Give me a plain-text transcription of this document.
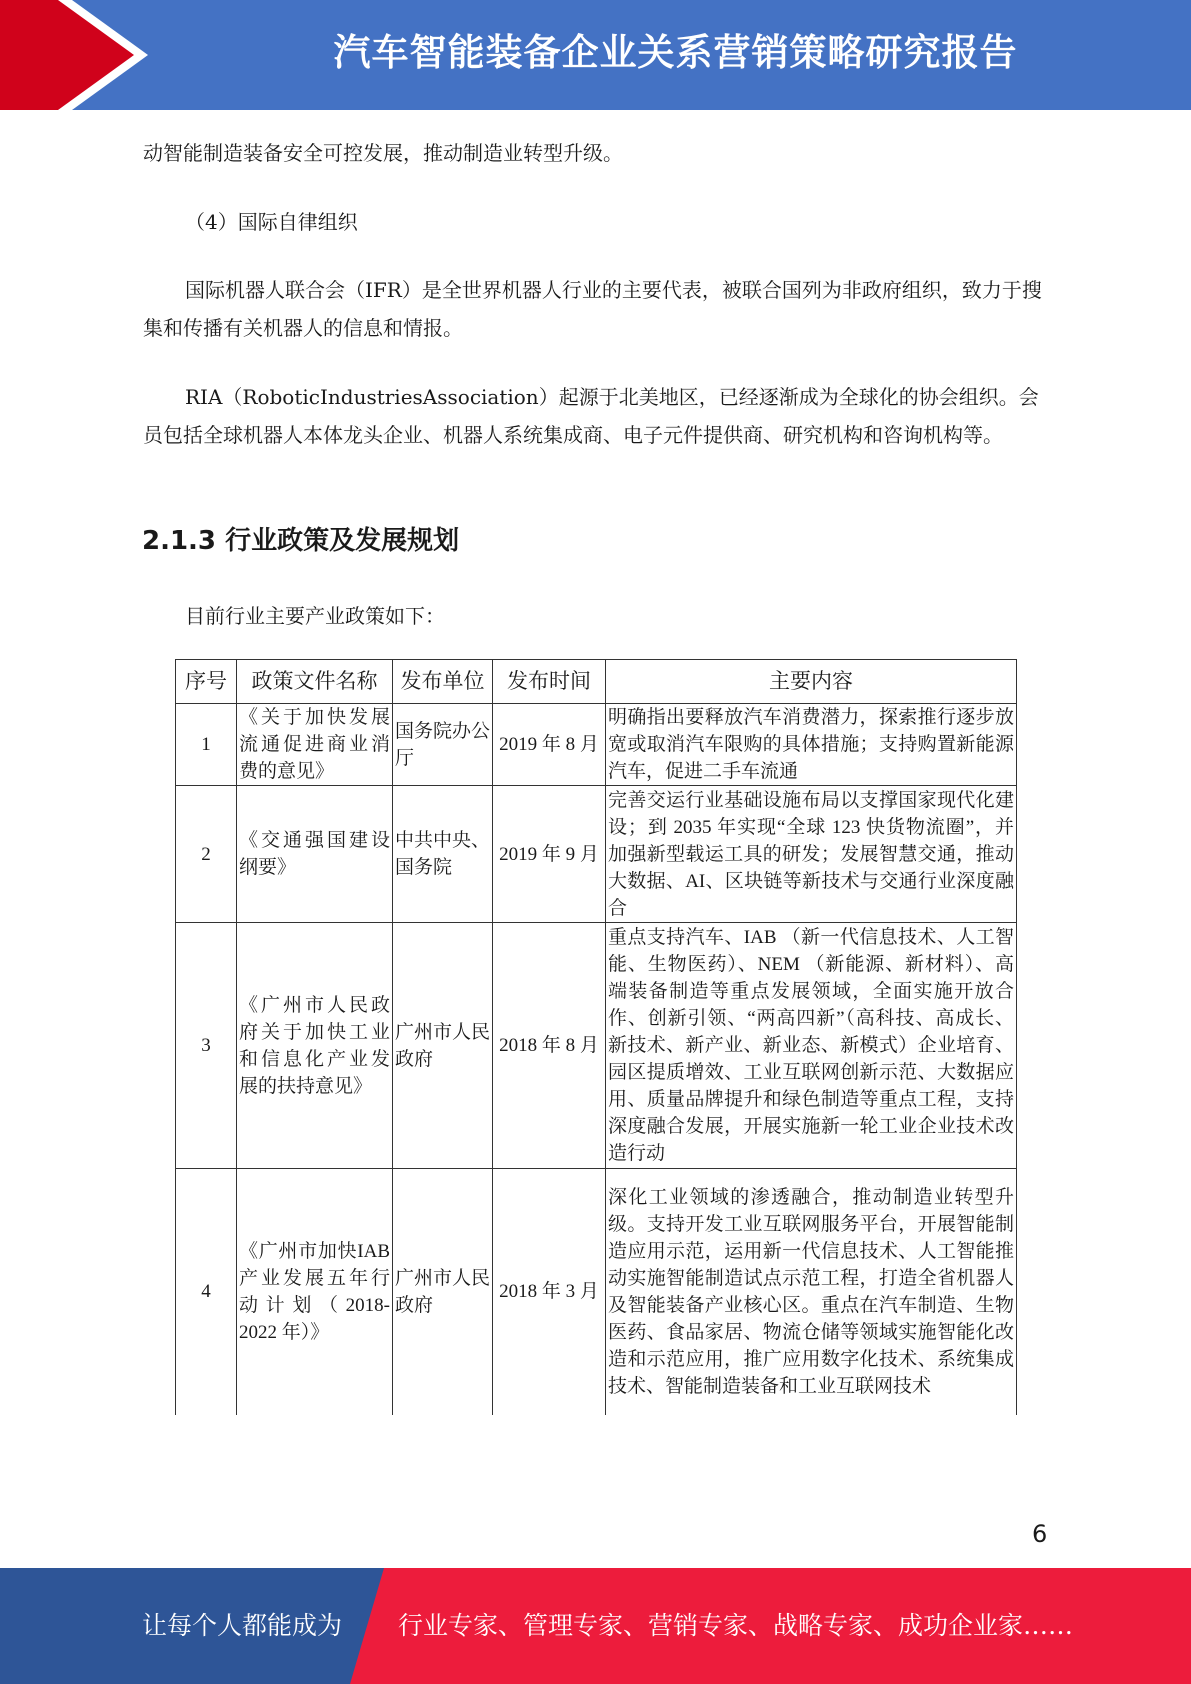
汽车智能装备企业关系营销策略研究报告

动智能制造装备安全可控发展，推动制造业转型升级。

（4）国际自律组织

国际机器人联合会（IFR）是全世界机器人行业的主要代表，被联合国列为非政府组织，致力于搜集和传播有关机器人的信息和情报。

RIA（RoboticIndustriesAssociation）起源于北美地区，已经逐渐成为全球化的协会组织。会员包括全球机器人本体龙头企业、机器人系统集成商、电子元件提供商、研究机构和咨询机构等。

2.1.3 行业政策及发展规划

目前行业主要产业政策如下：

序号	政策文件名称	发布单位	发布时间	主要内容
1	《关于加快发展流通促进商业消费的意见》	国务院办公厅	2019 年 8 月	明确指出要释放汽车消费潜力，探索推行逐步放宽或取消汽车限购的具体措施；支持购置新能源汽车，促进二手车流通
2	《交通强国建设纲要》	中共中央、国务院	2019 年 9 月	完善交运行业基础设施布局以支撑国家现代化建设；到 2035 年实现“全球 123 快货物流圈”，并加强新型载运工具的研发；发展智慧交通，推动大数据、AI、区块链等新技术与交通行业深度融合
3	《广州市人民政府关于加快工业和信息化产业发展的扶持意见》	广州市人民政府	2018 年 8 月	重点支持汽车、IAB （新一代信息技术、人工智能、生物医药）、NEM （新能源、新材料）、高端装备制造等重点发展领域，全面实施开放合作、创新引领、“两高四新”（高科技、高成长、新技术、新产业、新业态、新模式）企业培育、园区提质增效、工业互联网创新示范、大数据应用、质量品牌提升和绿色制造等重点工程，支持深度融合发展，开展实施新一轮工业企业技术改造行动
4	《广州市加快IAB 产业发展五年行动计划（2018-2022 年）》	广州市人民政府	2018 年 3 月	深化工业领域的渗透融合，推动制造业转型升级。支持开发工业互联网服务平台，开展智能制造应用示范，运用新一代信息技术、人工智能推动实施智能制造试点示范工程，打造全省机器人及智能装备产业核心区。重点在汽车制造、生物医药、食品家居、物流仓储等领域实施智能化改造和示范应用，推广应用数字化技术、系统集成技术、智能制造装备和工业互联网技术
6
让每个人都能成为 行业专家、管理专家、营销专家、战略专家、成功企业家……
